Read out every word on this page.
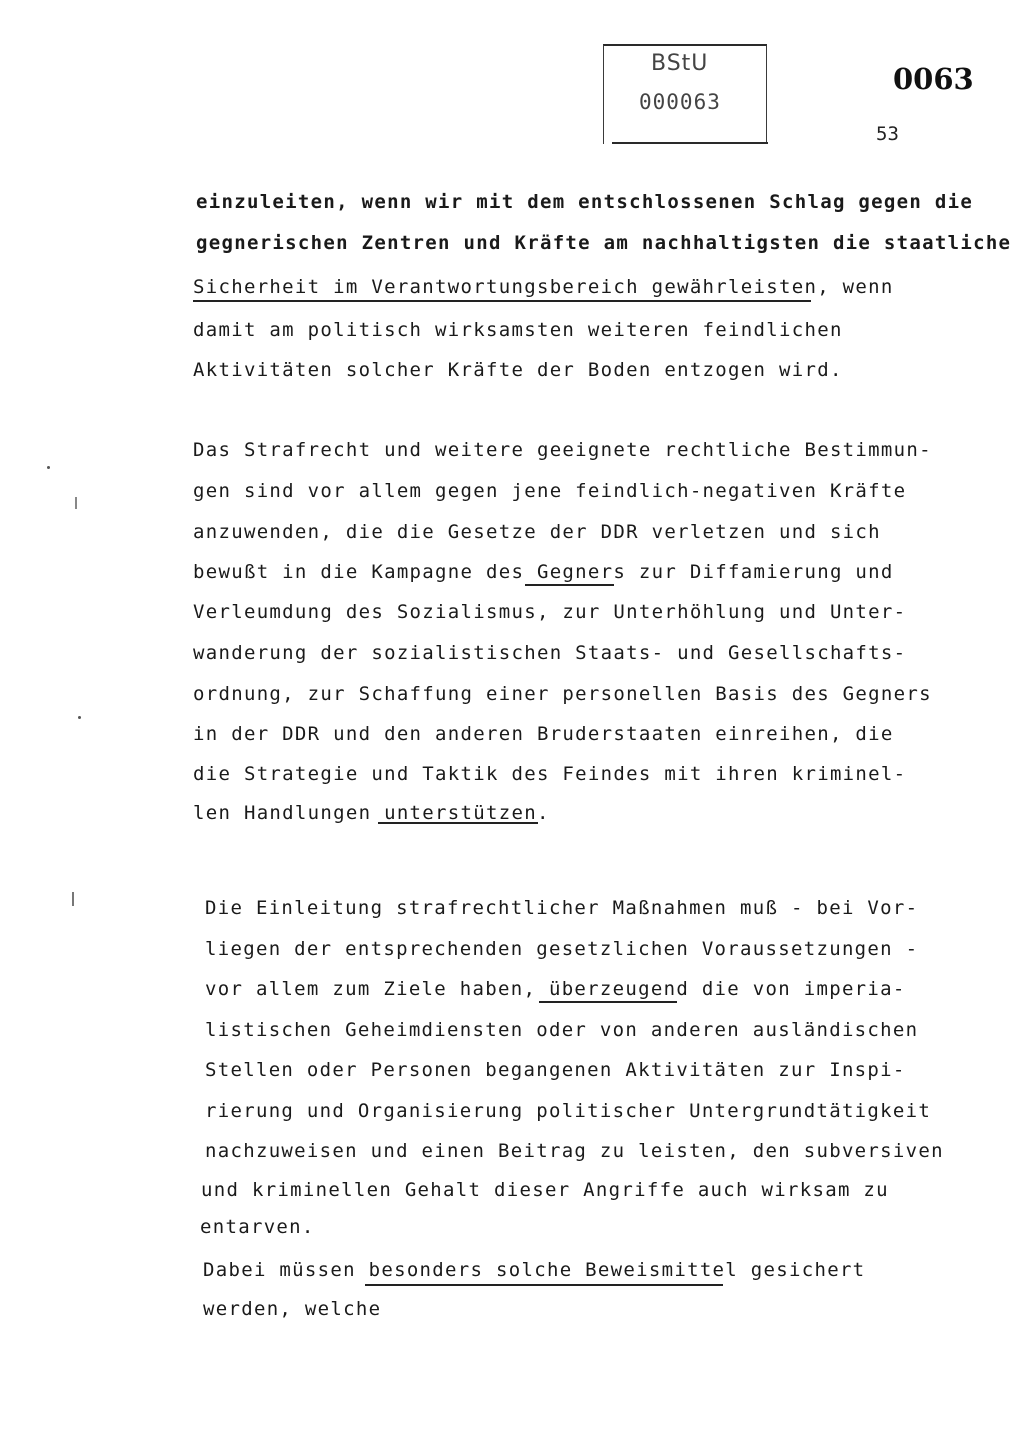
BStU
000063
0063
53
einzuleiten, wenn wir mit dem entschlossenen Schlag gegen die
gegnerischen Zentren und Kräfte am nachhaltigsten die staatliche
Sicherheit im Verantwortungsbereich gewährleisten, wenn
damit am politisch wirksamsten weiteren feindlichen
Aktivitäten solcher Kräfte der Boden entzogen wird.
Das Strafrecht und weitere geeignete rechtliche Bestimmun-
gen sind vor allem gegen jene feindlich-negativen Kräfte
anzuwenden, die die Gesetze der DDR verletzen und sich
bewußt in die Kampagne des Gegners zur Diffamierung und
Verleumdung des Sozialismus, zur Unterhöhlung und Unter-
wanderung der sozialistischen Staats- und Gesellschafts-
ordnung, zur Schaffung einer personellen Basis des Gegners
in der DDR und den anderen Bruderstaaten einreihen, die
die Strategie und Taktik des Feindes mit ihren kriminel-
len Handlungen unterstützen.
Die Einleitung strafrechtlicher Maßnahmen muß - bei Vor-
liegen der entsprechenden gesetzlichen Voraussetzungen -
vor allem zum Ziele haben, überzeugend die von imperia-
listischen Geheimdiensten oder von anderen ausländischen
Stellen oder Personen begangenen Aktivitäten zur Inspi-
rierung und Organisierung politischer Untergrundtätigkeit
nachzuweisen und einen Beitrag zu leisten, den subversiven
und kriminellen Gehalt dieser Angriffe auch wirksam zu
entarven.
Dabei müssen besonders solche Beweismittel gesichert
werden, welche
